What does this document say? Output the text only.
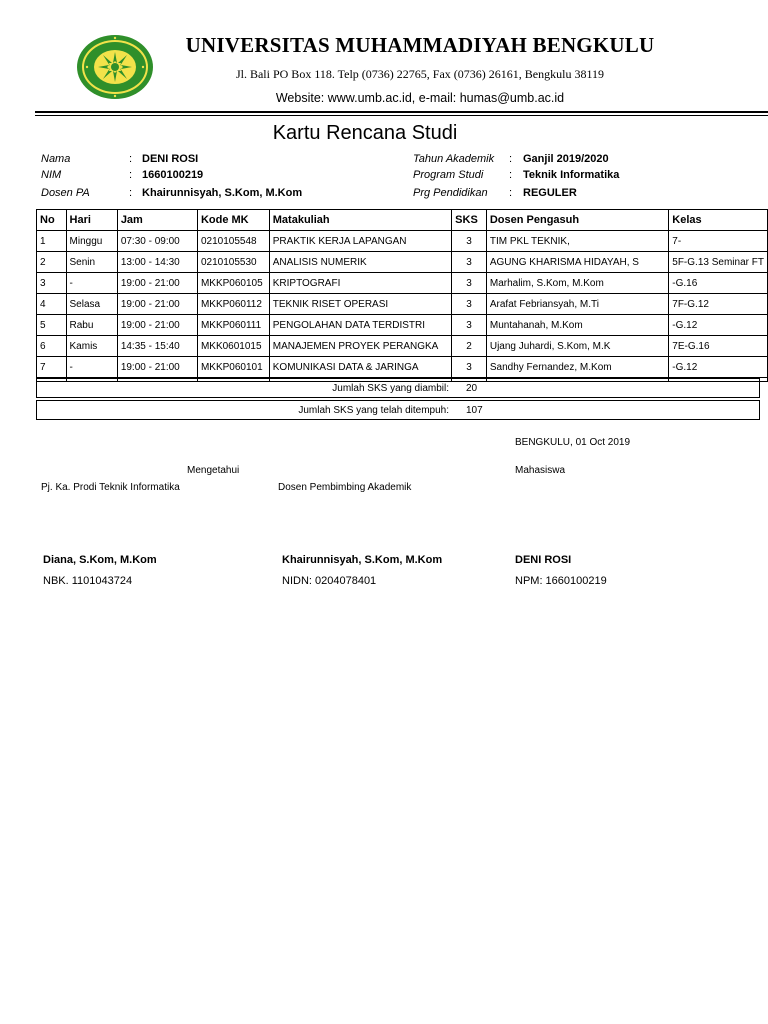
UNIVERSITAS MUHAMMADIYAH BENGKULU
Jl. Bali PO Box 118. Telp (0736) 22765, Fax (0736) 26161, Bengkulu 38119
Website: www.umb.ac.id, e-mail: humas@umb.ac.id
Kartu Rencana Studi
Nama	: DENI ROSI
NIM	: 1660100219
Dosen PA	: Khairunnisyah, S.Kom, M.Kom
Tahun Akademik : Ganjil 2019/2020
Program Studi : Teknik Informatika
Prg Pendidikan : REGULER
No	Hari	Jam	Kode MK	Matakuliah	SKS	Dosen Pengasuh	Kelas
1	Minggu	07:30 - 09:00	0210105548	PRAKTIK KERJA LAPANGAN	3	TIM PKL TEKNIK,	7-
2	Senin	13:00 - 14:30	0210105530	ANALISIS NUMERIK	3	AGUNG KHARISMA HIDAYAH, S	5F-G.13 Seminar FT
3	-	19:00 - 21:00	MKKP060105	KRIPTOGRAFI	3	Marhalim, S.Kom, M.Kom	-G.16
4	Selasa	19:00 - 21:00	MKKP060112	TEKNIK RISET OPERASI	3	Arafat Febriansyah, M.Ti	7F-G.12
5	Rabu	19:00 - 21:00	MKKP060111	PENGOLAHAN DATA TERDISTRI	3	Muntahanah, M.Kom	-G.12
6	Kamis	14:35 - 15:40	MKK0601015	MANAJEMEN PROYEK PERANGKA	2	Ujang Juhardi, S.Kom, M.K	7E-G.16
7	-	19:00 - 21:00	MKKP060101	KOMUNIKASI DATA & JARINGA	3	Sandhy Fernandez, M.Kom	-G.12

Jumlah SKS yang diambil: 20
Jumlah SKS yang telah ditempuh: 107
BENGKULU, 01 Oct 2019
Mengetahui	Mahasiswa
Pj. Ka. Prodi Teknik Informatika	Dosen Pembimbing Akademik
Diana, S.Kom, M.Kom
NBK. 1101043724
Khairunnisyah, S.Kom, M.Kom
NIDN: 0204078401
DENI ROSI
NPM: 1660100219
